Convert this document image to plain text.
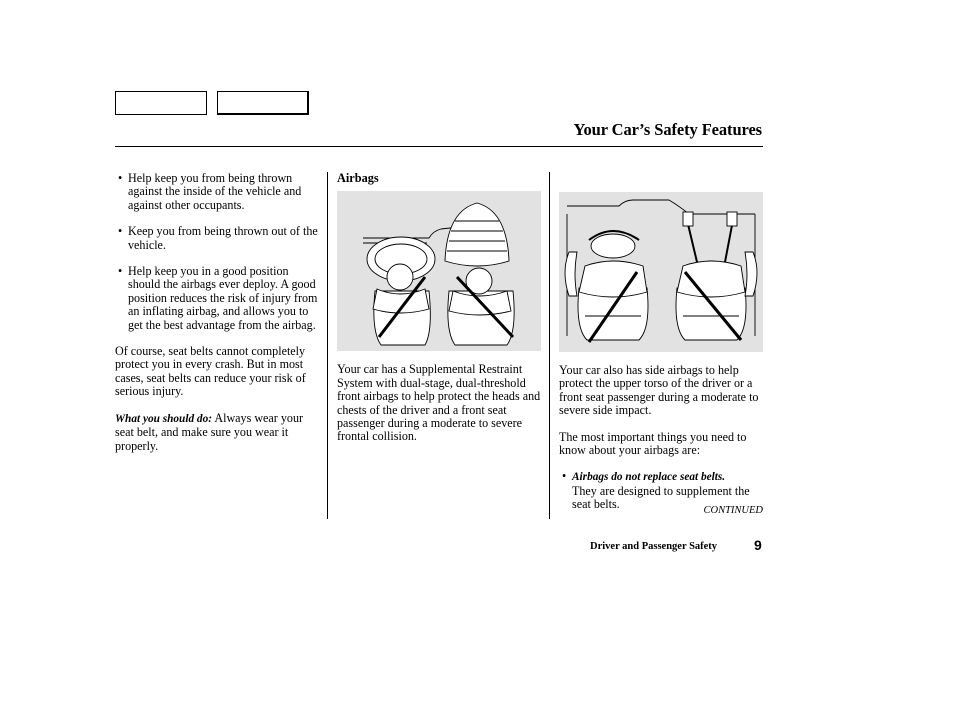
Your Car’s Safety Features
• Help keep you from being thrown against the inside of the vehicle and against other occupants.
• Keep you from being thrown out of the vehicle.
• Help keep you in a good position should the airbags ever deploy. A good position reduces the risk of injury from an inflating airbag, and allows you to get the best advantage from the airbag.

Of course, seat belts cannot completely protect you in every crash. But in most cases, seat belts can reduce your risk of serious injury.

What you should do: Always wear your seat belt, and make sure you wear it properly.

Airbags

Your car has a Supplemental Restraint System with dual-stage, dual-threshold front airbags to help protect the heads and chests of the driver and a front seat passenger during a moderate to severe frontal collision.

Your car also has side airbags to help protect the upper torso of the driver or a front seat passenger during a moderate to severe side impact.

The most important things you need to know about your airbags are:

• Airbags do not replace seat belts.
They are designed to supplement the seat belts.	CONTINUED
Driver and Passenger Safety	9
